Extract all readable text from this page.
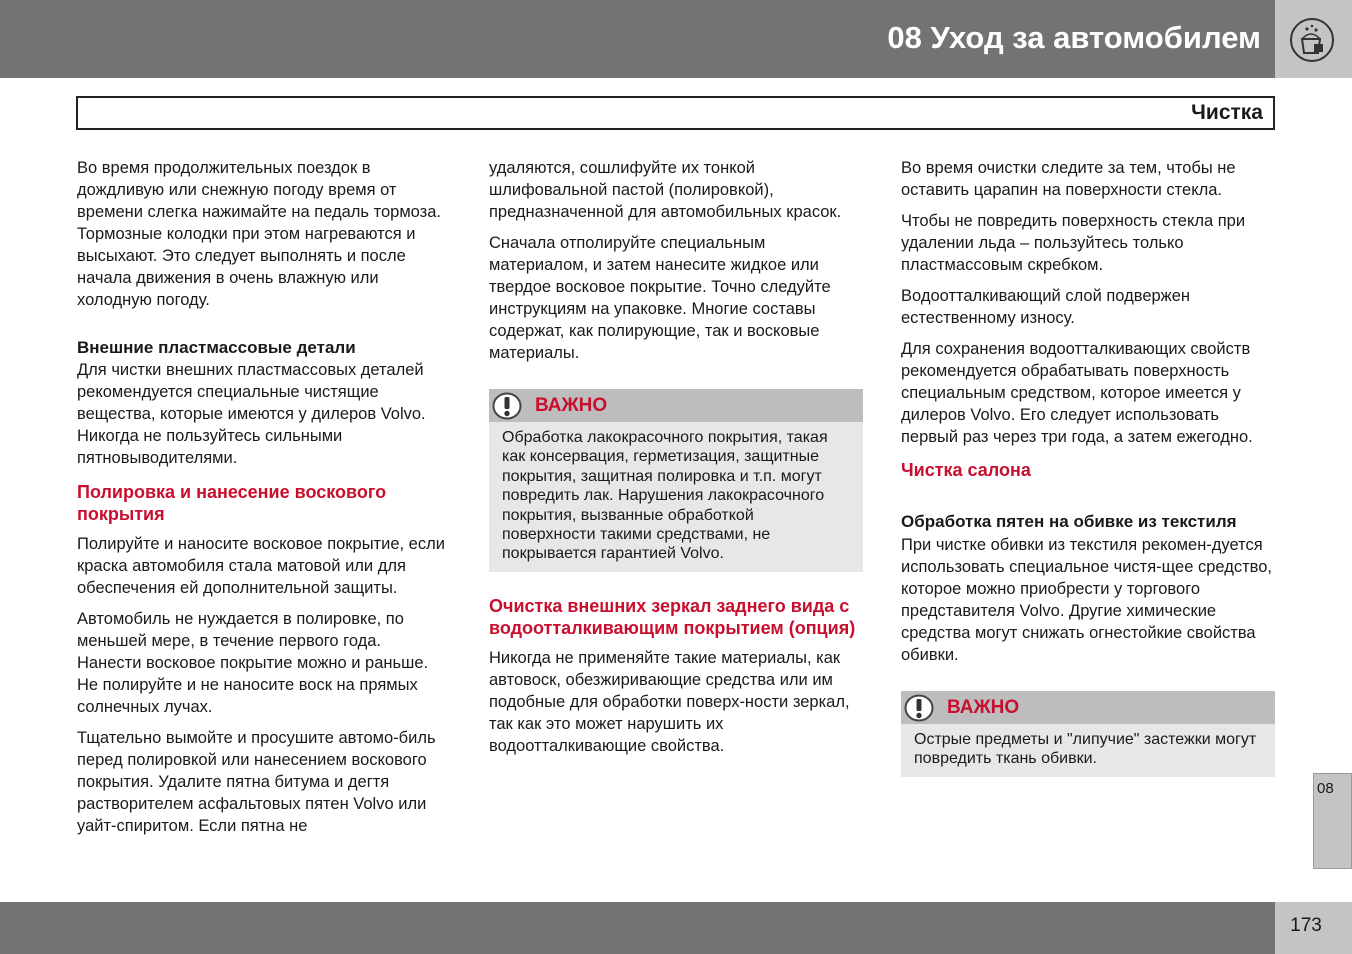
08 Уход за автомобилем
Чистка

Во время продолжительных поездок в дождливую или снежную погоду время от времени слегка нажимайте на педаль тормоза. Тормозные колодки при этом нагреваются и высыхают. Это следует выполнять и после начала движения в очень влажную или холодную погоду.

Внешние пластмассовые детали

Для чистки внешних пластмассовых деталей рекомендуется специальные чистящие вещества, которые имеются у дилеров Volvo. Никогда не пользуйтесь сильными пятновыводителями.

Полировка и нанесение воскового покрытия

Полируйте и наносите восковое покрытие, если краска автомобиля стала матовой или для обеспечения ей дополнительной защиты.

Автомобиль не нуждается в полировке, по меньшей мере, в течение первого года. Нанести восковое покрытие можно и раньше. Не полируйте и не наносите воск на прямых солнечных лучах.

Тщательно вымойте и просушите автомо-биль перед полировкой или нанесением воскового покрытия. Удалите пятна битума и дегтя растворителем асфальтовых пятен Volvo или уайт-спиритом. Если пятна не

удаляются, сошлифуйте их тонкой шлифовальной пастой (полировкой), предназначенной для автомобильных красок.

Сначала отполируйте специальным материалом, и затем нанесите жидкое или твердое восковое покрытие. Точно следуйте инструкциям на упаковке. Многие составы содержат, как полирующие, так и восковые материалы.

ВАЖНО
Обработка лакокрасочного покрытия, такая как консервация, герметизация, защитные покрытия, защитная полировка и т.п. могут повредить лак. Нарушения лакокрасочного покрытия, вызванные обработкой поверхности такими средствами, не покрывается гарантией Volvo.
Очистка внешних зеркал заднего вида с водоотталкивающим покрытием (опция)

Никогда не применяйте такие материалы, как автовоск, обезжиривающие средства или им подобные для обработки поверх-ности зеркал, так как это может нарушить их водоотталкивающие свойства.

Во время очистки следите за тем, чтобы не оставить царапин на поверхности стекла.

Чтобы не повредить поверхность стекла при удалении льда – пользуйтесь только пластмассовым скребком.

Водоотталкивающий слой подвержен естественному износу.

Для сохранения водоотталкивающих свойств рекомендуется обрабатывать поверхность специальным средством, которое имеется у дилеров Volvo. Его следует использовать первый раз через три года, а затем ежегодно.

Чистка салона
Обработка пятен на обивке из текстиля

При чистке обивки из текстиля рекомен-дуется использовать специальное чистя-щее средство, которое можно приобрести у торгового представителя Volvo. Другие химические средства могут снижать огнестойкие свойства обивки.

ВАЖНО
Острые предметы и "липучие" застежки могут повредить ткань обивки.
08
173
